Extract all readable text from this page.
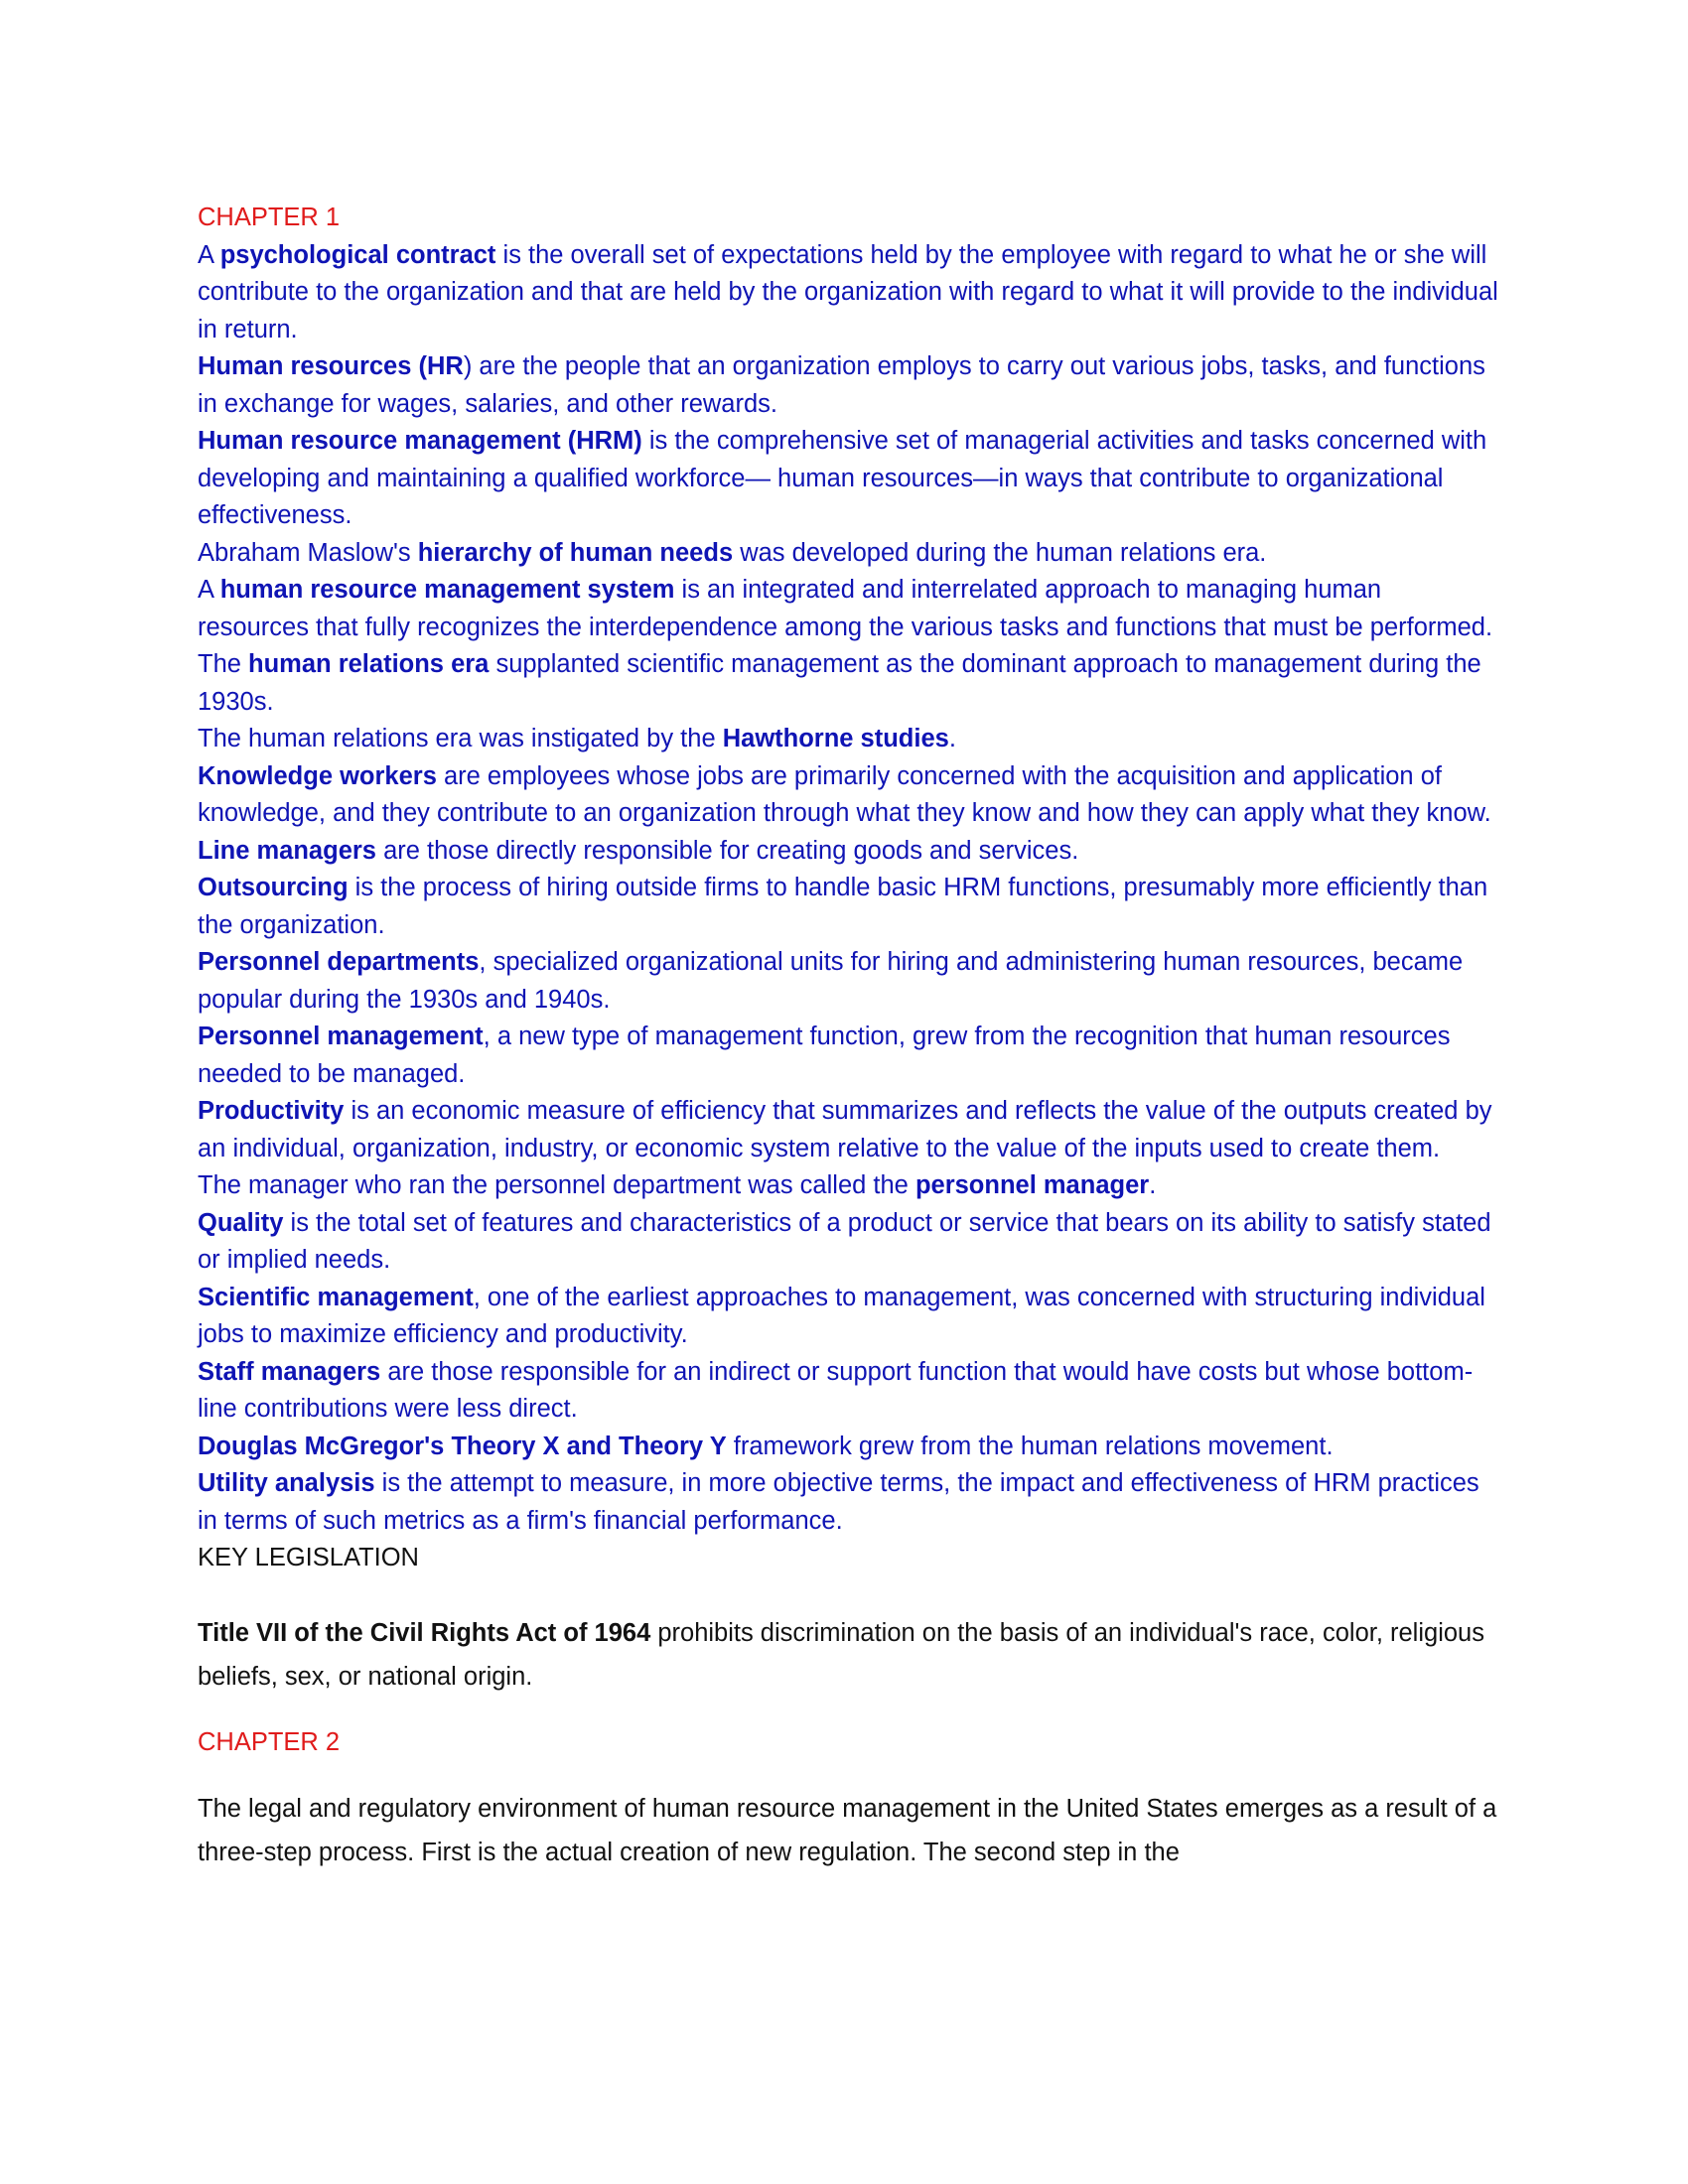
CHAPTER 1

A psychological contract is the overall set of expectations held by the employee with regard to what he or she will contribute to the organization and that are held by the organization with regard to what it will provide to the individual in return.

Human resources (HR) are the people that an organization employs to carry out various jobs, tasks, and functions in exchange for wages, salaries, and other rewards.

Human resource management (HRM) is the comprehensive set of managerial activities and tasks concerned with developing and maintaining a qualified workforce— human resources—in ways that contribute to organizational effectiveness.

Abraham Maslow's hierarchy of human needs was developed during the human relations era.

A human resource management system is an integrated and interrelated approach to managing human resources that fully recognizes the interdependence among the various tasks and functions that must be performed.

The human relations era supplanted scientific management as the dominant approach to management during the 1930s.

The human relations era was instigated by the Hawthorne studies.

Knowledge workers are employees whose jobs are primarily concerned with the acquisition and application of knowledge, and they contribute to an organization through what they know and how they can apply what they know.

Line managers are those directly responsible for creating goods and services.

Outsourcing is the process of hiring outside firms to handle basic HRM functions, presumably more efficiently than the organization.

Personnel departments, specialized organizational units for hiring and administering human resources, became popular during the 1930s and 1940s.

Personnel management, a new type of management function, grew from the recognition that human resources needed to be managed.

Productivity is an economic measure of efficiency that summarizes and reflects the value of the outputs created by an individual, organization, industry, or economic system relative to the value of the inputs used to create them.

The manager who ran the personnel department was called the personnel manager.

Quality is the total set of features and characteristics of a product or service that bears on its ability to satisfy stated or implied needs.

Scientific management, one of the earliest approaches to management, was concerned with structuring individual jobs to maximize efficiency and productivity.

Staff managers are those responsible for an indirect or support function that would have costs but whose bottom-line contributions were less direct.

Douglas McGregor's Theory X and Theory Y framework grew from the human relations movement.

Utility analysis is the attempt to measure, in more objective terms, the impact and effectiveness of HRM practices in terms of such metrics as a firm's financial performance.

KEY LEGISLATION

Title VII of the Civil Rights Act of 1964 prohibits discrimination on the basis of an individual's race, color, religious beliefs, sex, or national origin.

CHAPTER 2

The legal and regulatory environment of human resource management in the United States emerges as a result of a three-step process. First is the actual creation of new regulation. The second step in the
